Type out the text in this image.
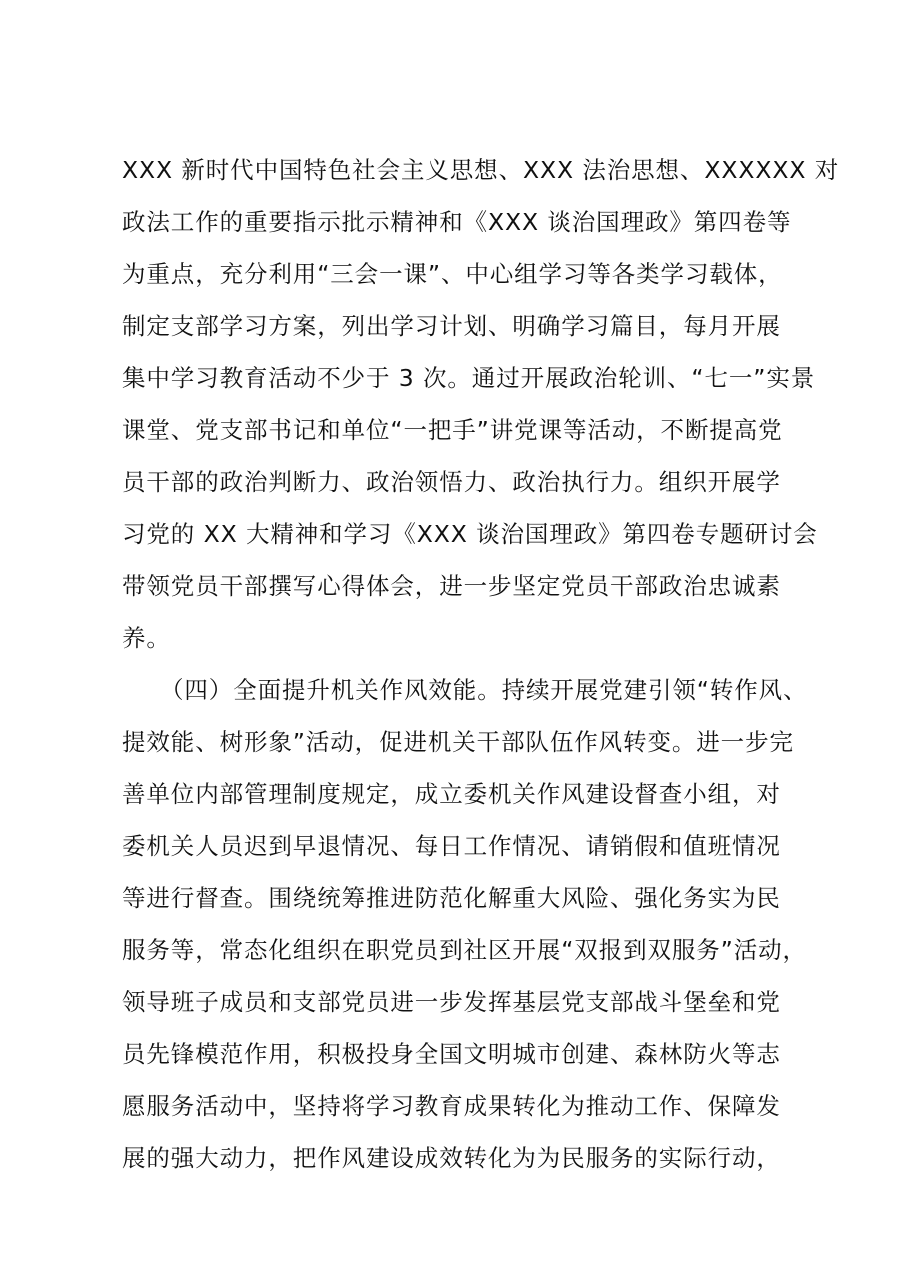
XXX 新时代中国特色社会主义思想、XXX 法治思想、XXXXXX 对
政法工作的重要指示批示精神和《XXX 谈治国理政》第四卷等
为重点，充分利用“三会一课”、中心组学习等各类学习载体，
制定支部学习方案，列出学习计划、明确学习篇目，每月开展
集中学习教育活动不少于 3 次。通过开展政治轮训、“七一”实景
课堂、党支部书记和单位“一把手”讲党课等活动，不断提高党
员干部的政治判断力、政治领悟力、政治执行力。组织开展学
习党的 XX 大精神和学习《XXX 谈治国理政》第四卷专题研讨会
带领党员干部撰写心得体会，进一步坚定党员干部政治忠诚素
养。
（四）全面提升机关作风效能。持续开展党建引领“转作风、
提效能、树形象”活动，促进机关干部队伍作风转变。进一步完
善单位内部管理制度规定，成立委机关作风建设督查小组，对
委机关人员迟到早退情况、每日工作情况、请销假和值班情况
等进行督查。围绕统筹推进防范化解重大风险、强化务实为民
服务等，常态化组织在职党员到社区开展“双报到双服务”活动，
领导班子成员和支部党员进一步发挥基层党支部战斗堡垒和党
员先锋模范作用，积极投身全国文明城市创建、森林防火等志
愿服务活动中，坚持将学习教育成果转化为推动工作、保障发
展的强大动力，把作风建设成效转化为为民服务的实际行动，
